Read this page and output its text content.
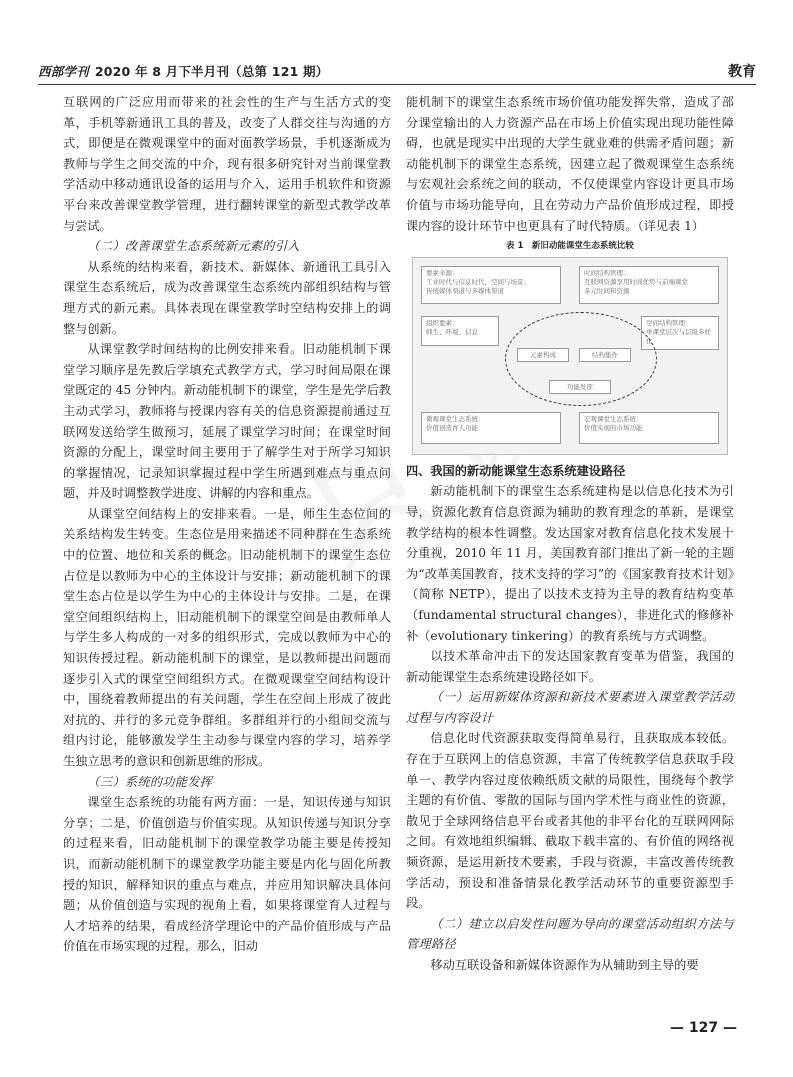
西部学刊 2020 年 8 月下半月刊（总第 121 期）	教育

互联网的广泛应用而带来的社会性的生产与生活方式的变革，手机等新通讯工具的普及，改变了人群交往与沟通的方式，即便是在微观课堂中的面对面教学场景，手机逐渐成为教师与学生之间交流的中介，现有很多研究针对当前课堂教学活动中移动通讯设备的运用与介入，运用手机软件和资源平台来改善课堂教学管理，进行翻转课堂的新型式教学改革与尝试。

（二）改善课堂生态系统新元素的引入

从系统的结构来看，新技术、新媒体、新通讯工具引入课堂生态系统后，成为改善课堂生态系统内部组织结构与管理方式的新元素。具体表现在课堂教学时空结构安排上的调整与创新。

从课堂教学时间结构的比例安排来看。旧动能机制下课堂学习顺序是先教后学填充式教学方式，学习时间局限在课堂既定的 45 分钟内。新动能机制下的课堂，学生是先学后教主动式学习，教师将与授课内容有关的信息资源提前通过互联网发送给学生做预习，延展了课堂学习时间；在课堂时间资源的分配上，课堂时间主要用于了解学生对于所学习知识的掌握情况，记录知识掌握过程中学生所遇到难点与重点问题，并及时调整教学进度、讲解的内容和重点。

从课堂空间结构上的安排来看。一是，师生生态位间的关系结构发生转变。生态位是用来描述不同种群在生态系统中的位置、地位和关系的概念。旧动能机制下的课堂生态位占位是以教师为中心的主体设计与安排；新动能机制下的课堂生态占位是以学生为中心的主体设计与安排。二是，在课堂空间组织结构上，旧动能机制下的课堂空间是由教师单人与学生多人构成的一对多的组织形式，完成以教师为中心的知识传授过程。新动能机制下的课堂，是以教师提出问题而逐步引入式的课堂空间组织方式。在微观课堂空间结构设计中，围绕着教师提出的有关问题，学生在空间上形成了彼此对抗的、并行的多元竞争群组。多群组并行的小组间交流与组内讨论，能够激发学生主动参与课堂内容的学习，培养学生独立思考的意识和创新思维的形成。

（三）系统的功能发挥

课堂生态系统的功能有两方面：一是，知识传递与知识分享；二是，价值创造与价值实现。从知识传递与知识分享的过程来看，旧动能机制下的课堂教学功能主要是传授知识，而新动能机制下的课堂教学功能主要是内化与固化所教授的知识，解释知识的重点与难点，并应用知识解决具体问题；从价值创造与实现的视角上看，如果将课堂育人过程与人才培养的结果，看成经济学理论中的产品价值形成与产品价值在市场实现的过程，那么，旧动

能机制下的课堂生态系统市场价值功能发挥失常，造成了部分课堂输出的人力资源产品在市场上价值实现出现功能性障碍，也就是现实中出现的大学生就业难的供需矛盾问题；新动能机制下的课堂生态系统，因建立起了微观课堂生态系统与宏观社会系统之间的联动，不仅使课堂内容设计更具市场价值与市场功能导向，且在劳动力产品价值形成过程，即授课内容的设计环节中也更具有了时代特质。（详见表 1）

表 1　新旧动能课堂生态系统比较

要素来源：
工业时代与信息时代，空间与场景；
传统媒体渠道与多媒体渠道
时间结构管理：
互联网资源享用时间优势与前端课堂
多元时间和资源
组织要素：
师生、环境、信息
空间结构管理：
单课堂层次与层级多样化
元素构成	结构集作
功能发挥
微观课堂生态系统：
价值创造育人功能
宏观课堂生态系统：
价值实现的市场功能
四、我国的新动能课堂生态系统建设路径

新动能机制下的课堂生态系统建构是以信息化技术为引导，资源化教育信息资源为辅助的教育理念的革新，是课堂教学结构的根本性调整。发达国家对教育信息化技术发展十分重视，2010 年 11 月，美国教育部门推出了新一轮的主题为“改革美国教育，技术支持的学习”的《国家教育技术计划》（简称 NETP），提出了以技术支持为主导的教育结构变革（fundamental structural changes），非进化式的修修补补（evolutionary tinkering）的教育系统与方式调整。

以技术革命冲击下的发达国家教育变革为借鉴，我国的新动能课堂生态系统建设路径如下。

（一）运用新媒体资源和新技术要素进入课堂教学活动过程与内容设计

信息化时代资源获取变得简单易行，且获取成本较低。存在于互联网上的信息资源，丰富了传统教学信息获取手段单一、教学内容过度依赖纸质文献的局限性，围绕每个教学主题的有价值、零散的国际与国内学术性与商业性的资源，散见于全球网络信息平台或者其他的非平台化的互联网网际之间。有效地组织编辑、截取下载丰富的、有价值的网络视频资源，是运用新技术要素，手段与资源，丰富改善传统教学活动，预设和准备情景化教学活动环节的重要资源型手段。

（二）建立以启发性问题为导向的课堂活动组织方法与管理路径

移动互联设备和新媒体资源作为从辅助到主导的要

— 127 —
